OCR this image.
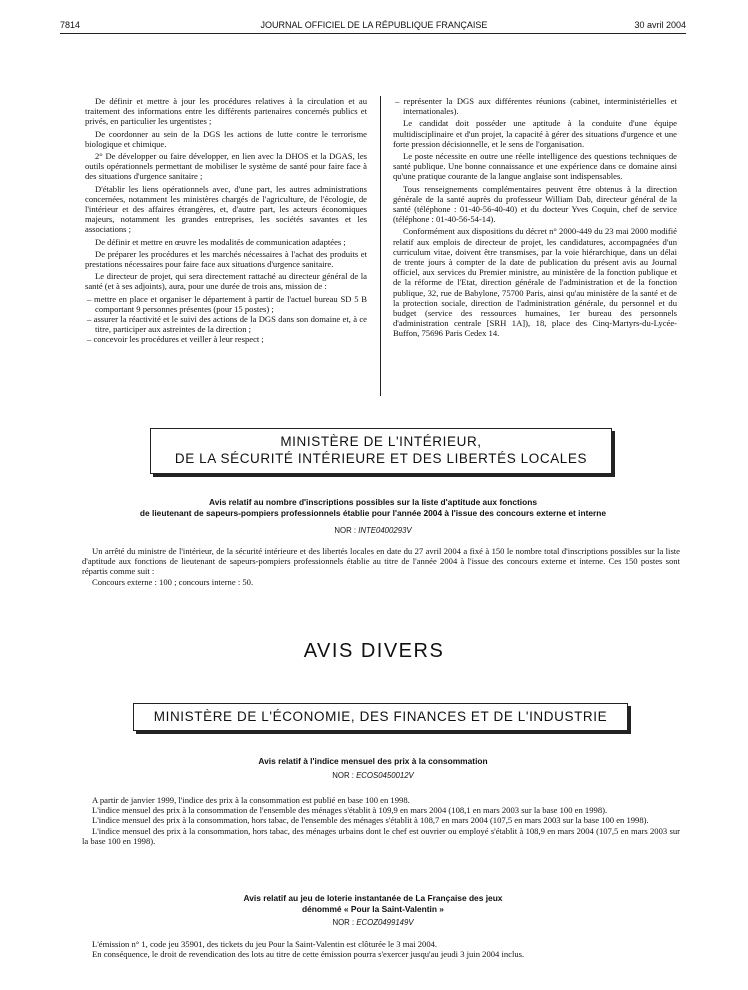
7814	JOURNAL OFFICIEL DE LA RÉPUBLIQUE FRANÇAISE	30 avril 2004

De définir et mettre à jour les procédures relatives à la circulation et au traitement des informations entre les différents partenaires concernés publics et privés, en particulier les urgentistes ;

De coordonner au sein de la DGS les actions de lutte contre le terrorisme biologique et chimique.

2° De développer ou faire développer, en lien avec la DHOS et la DGAS, les outils opérationnels permettant de mobiliser le système de santé pour faire face à des situations d'urgence sanitaire ;

D'établir les liens opérationnels avec, d'une part, les autres administrations concernées, notamment les ministères chargés de l'agriculture, de l'écologie, de l'intérieur et des affaires étrangères, et, d'autre part, les acteurs économiques majeurs, notamment les grandes entreprises, les sociétés savantes et les associations ;

De définir et mettre en œuvre les modalités de communication adaptées ;

De préparer les procédures et les marchés nécessaires à l'achat des produits et prestations nécessaires pour faire face aux situations d'urgence sanitaire.

Le directeur de projet, qui sera directement rattaché au directeur général de la santé (et à ses adjoints), aura, pour une durée de trois ans, mission de :

– mettre en place et organiser le département à partir de l'actuel bureau SD 5 B comportant 9 personnes présentes (pour 15 postes) ;
– assurer la réactivité et le suivi des actions de la DGS dans son domaine et, à ce titre, participer aux astreintes de la direction ;
– concevoir les procédures et veiller à leur respect ;
– représenter la DGS aux différentes réunions (cabinet, interministérielles et internationales).

Le candidat doit posséder une aptitude à la conduite d'une équipe multidisciplinaire et d'un projet, la capacité à gérer des situations d'urgence et une forte pression décisionnelle, et le sens de l'organisation.

Le poste nécessite en outre une réelle intelligence des questions techniques de santé publique. Une bonne connaissance et une expérience dans ce domaine ainsi qu'une pratique courante de la langue anglaise sont indispensables.

Tous renseignements complémentaires peuvent être obtenus à la direction générale de la santé auprès du professeur William Dab, directeur général de la santé (téléphone : 01-40-56-40-40) et du docteur Yves Coquin, chef de service (téléphone : 01-40-56-54-14).

Conformément aux dispositions du décret n° 2000-449 du 23 mai 2000 modifié relatif aux emplois de directeur de projet, les candidatures, accompagnées d'un curriculum vitae, doivent être transmises, par la voie hiérarchique, dans un délai de trente jours à compter de la date de publication du présent avis au Journal officiel, aux services du Premier ministre, au ministère de la fonction publique et de la réforme de l'Etat, direction générale de l'administration et de la fonction publique, 32, rue de Babylone, 75700 Paris, ainsi qu'au ministère de la santé et de la protection sociale, direction de l'administration générale, du personnel et du budget (service des ressources humaines, 1er bureau des personnels d'administration centrale [SRH 1A]), 18, place des Cinq-Martyrs-du-Lycée-Buffon, 75696 Paris Cedex 14.

MINISTÈRE DE L'INTÉRIEUR,
DE LA SÉCURITÉ INTÉRIEURE ET DES LIBERTÉS LOCALES
Avis relatif au nombre d'inscriptions possibles sur la liste d'aptitude aux fonctions
de lieutenant de sapeurs-pompiers professionnels établie pour l'année 2004 à l'issue des concours externe et interne
NOR : INTE0400293V

Un arrêté du ministre de l'intérieur, de la sécurité intérieure et des libertés locales en date du 27 avril 2004 a fixé à 150 le nombre total d'inscriptions possibles sur la liste d'aptitude aux fonctions de lieutenant de sapeurs-pompiers professionnels établie au titre de l'année 2004 à l'issue des concours externe et interne. Ces 150 postes sont répartis comme suit :

Concours externe : 100 ; concours interne : 50.

AVIS DIVERS
MINISTÈRE DE L'ÉCONOMIE, DES FINANCES ET DE L'INDUSTRIE
Avis relatif à l'indice mensuel des prix à la consommation
NOR : ECOS0450012V

A partir de janvier 1999, l'indice des prix à la consommation est publié en base 100 en 1998.

L'indice mensuel des prix à la consommation de l'ensemble des ménages s'établit à 109,9 en mars 2004 (108,1 en mars 2003 sur la base 100 en 1998).

L'indice mensuel des prix à la consommation, hors tabac, de l'ensemble des ménages s'établit à 108,7 en mars 2004 (107,5 en mars 2003 sur la base 100 en 1998).

L'indice mensuel des prix à la consommation, hors tabac, des ménages urbains dont le chef est ouvrier ou employé s'établit à 108,9 en mars 2004 (107,5 en mars 2003 sur la base 100 en 1998).

Avis relatif au jeu de loterie instantanée de La Française des jeux
dénommé « Pour la Saint-Valentin »
NOR : ECOZ0499149V

L'émission n° 1, code jeu 35901, des tickets du jeu Pour la Saint-Valentin est clôturée le 3 mai 2004.

En conséquence, le droit de revendication des lots au titre de cette émission pourra s'exercer jusqu'au jeudi 3 juin 2004 inclus.
